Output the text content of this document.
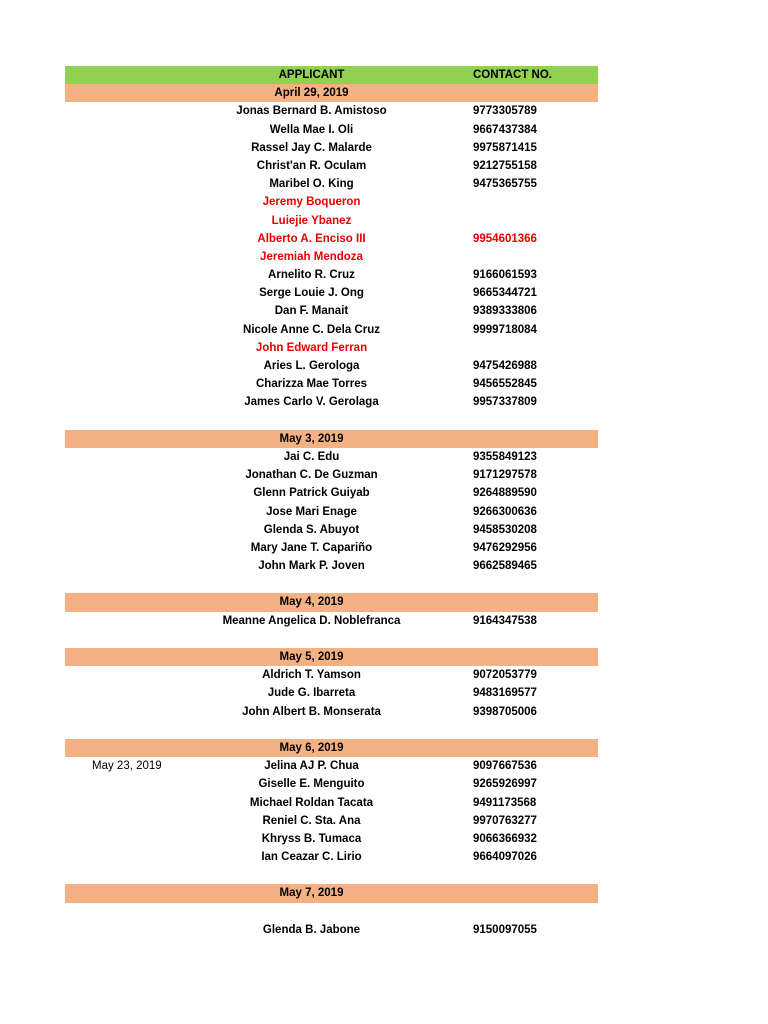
APPLICANT	CONTACT NO.
April 29, 2019
Jonas Bernard B. Amistoso	9773305789
Wella Mae I. Oli	9667437384
Rassel Jay C. Malarde	9975871415
Christ'an R. Oculam	9212755158
Maribel O. King	9475365755
Jeremy Boqueron
Luiejie Ybanez
Alberto A. Enciso III	9954601366
Jeremiah Mendoza
Arnelito R. Cruz	9166061593
Serge Louie J. Ong	9665344721
Dan F. Manait	9389333806
Nicole Anne C. Dela Cruz	9999718084
John Edward Ferran
Aries L. Gerologa	9475426988
Charizza Mae Torres	9456552845
James Carlo V. Gerolaga	9957337809
May 3, 2019
Jai C. Edu	9355849123
Jonathan C. De Guzman	9171297578
Glenn Patrick Guiyab	9264889590
Jose Mari Enage	9266300636
Glenda S. Abuyot	9458530208
Mary Jane T. Capariño	9476292956
John Mark P. Joven	9662589465
May 4, 2019
Meanne Angelica D. Noblefranca	9164347538
May 5, 2019
Aldrich T. Yamson	9072053779
Jude G. Ibarreta	9483169577
John Albert B. Monserata	9398705006
May 6, 2019
May 23, 2019	Jelina AJ P. Chua	9097667536
Giselle E. Menguito	9265926997
Michael Roldan Tacata	9491173568
Reniel C. Sta. Ana	9970763277
Khryss B. Tumaca	9066366932
Ian Ceazar C. Lirio	9664097026
May 7, 2019
Glenda B. Jabone	9150097055
